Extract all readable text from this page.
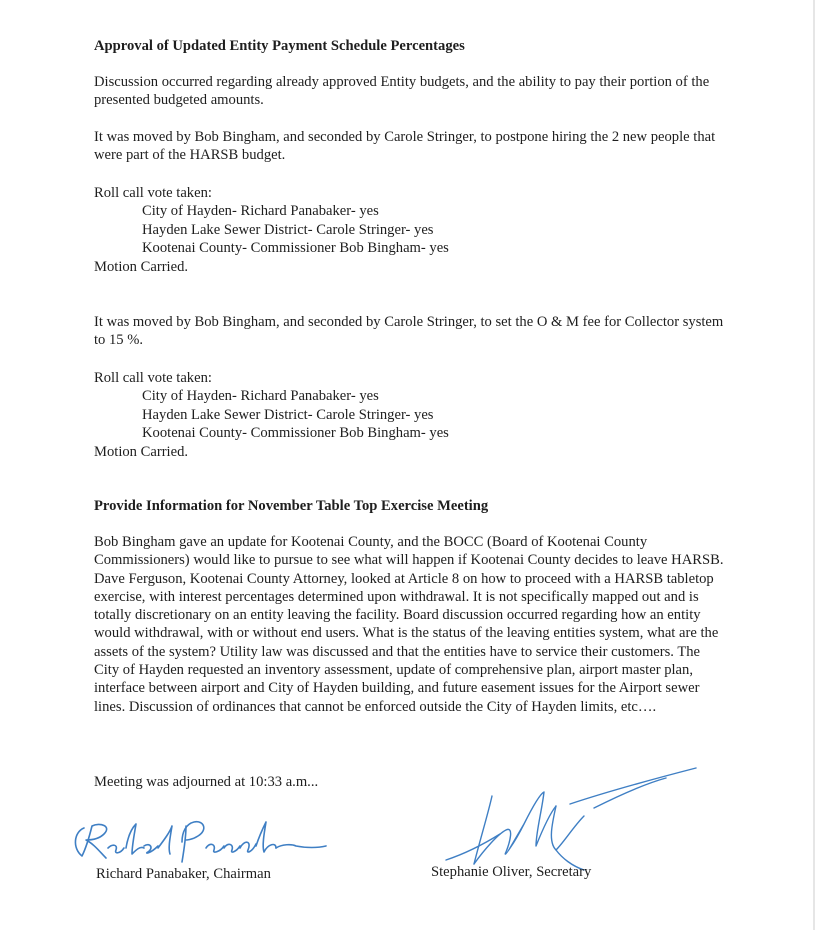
Approval of Updated Entity Payment Schedule Percentages

Discussion occurred regarding already approved Entity budgets, and the ability to pay their portion of the presented budgeted amounts.

It was moved by Bob Bingham, and seconded by Carole Stringer, to postpone hiring the 2 new people that were part of the HARSB budget.

Roll call vote taken:
City of Hayden- Richard Panabaker- yes
Hayden Lake Sewer District- Carole Stringer- yes
Kootenai County- Commissioner Bob Bingham- yes
Motion Carried.

It was moved by Bob Bingham, and seconded by Carole Stringer, to set the O & M fee for Collector system to 15 %.

Roll call vote taken:
City of Hayden- Richard Panabaker- yes
Hayden Lake Sewer District- Carole Stringer- yes
Kootenai County- Commissioner Bob Bingham- yes
Motion Carried.
Provide Information for November Table Top Exercise Meeting

Bob Bingham gave an update for Kootenai County, and the BOCC (Board of Kootenai County Commissioners) would like to pursue to see what will happen if Kootenai County decides to leave HARSB. Dave Ferguson, Kootenai County Attorney, looked at Article 8 on how to proceed with a HARSB tabletop exercise, with interest percentages determined upon withdrawal. It is not specifically mapped out and is totally discretionary on an entity leaving the facility. Board discussion occurred regarding how an entity would withdrawal, with or without end users. What is the status of the leaving entities system, what are the assets of the system? Utility law was discussed and that the entities have to service their customers. The City of Hayden requested an inventory assessment, update of comprehensive plan, airport master plan, interface between airport and City of Hayden building, and future easement issues for the Airport sewer lines. Discussion of ordinances that cannot be enforced outside the City of Hayden limits, etc….

Meeting was adjourned at 10:33 a.m...
Richard Panabaker, Chairman	Stephanie Oliver, Secretary
